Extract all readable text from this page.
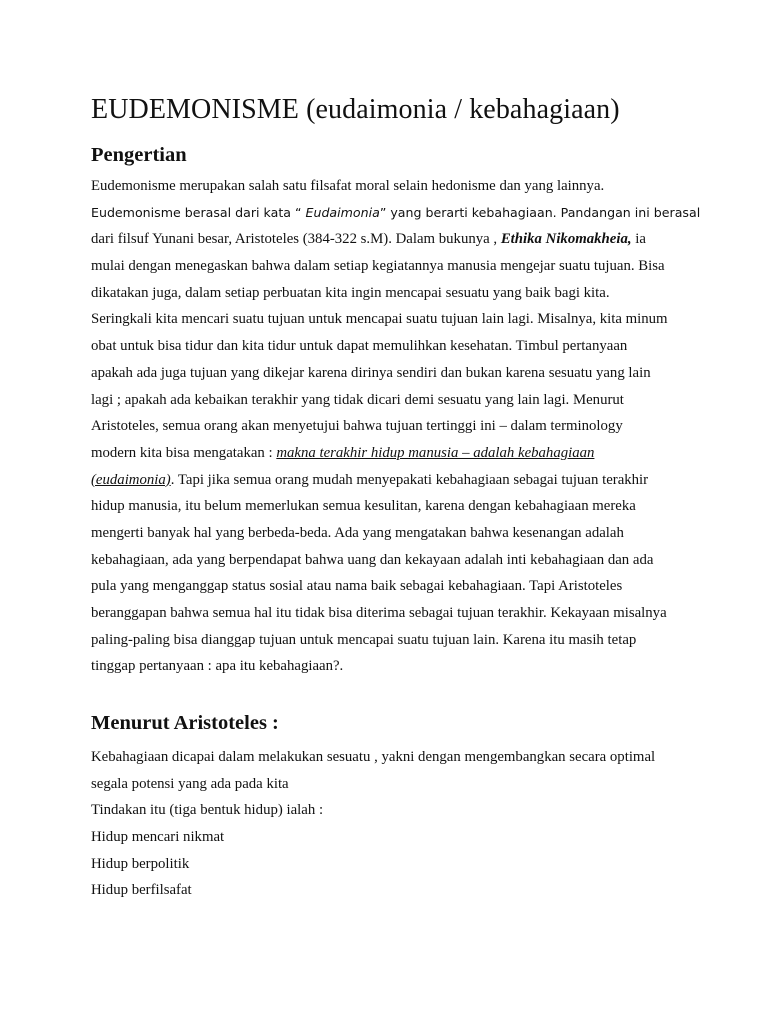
EUDEMONISME (eudaimonia / kebahagiaan)
Pengertian
Eudemonisme merupakan salah satu filsafat moral selain hedonisme dan yang lainnya.
Eudemonisme berasal dari kata “ Eudaimonia” yang berarti kebahagiaan. Pandangan ini berasal
dari filsuf Yunani besar, Aristoteles (384-322 s.M). Dalam bukunya , Ethika Nikomakheia, ia
mulai dengan menegaskan bahwa dalam setiap kegiatannya manusia mengejar suatu tujuan. Bisa
dikatakan juga, dalam setiap perbuatan kita ingin mencapai sesuatu yang baik bagi kita.
Seringkali kita mencari suatu tujuan untuk mencapai suatu tujuan lain lagi. Misalnya, kita minum
obat untuk bisa tidur dan kita tidur untuk dapat memulihkan kesehatan. Timbul pertanyaan
apakah ada juga tujuan yang dikejar karena dirinya sendiri dan bukan karena sesuatu yang lain
lagi ; apakah ada kebaikan terakhir yang tidak dicari demi sesuatu yang lain lagi. Menurut
Aristoteles, semua orang akan menyetujui bahwa tujuan tertinggi ini – dalam terminology
modern kita bisa mengatakan : makna terakhir hidup manusia – adalah kebahagiaan
(eudaimonia). Tapi jika semua orang mudah menyepakati kebahagiaan sebagai tujuan terakhir
hidup manusia, itu belum memerlukan semua kesulitan, karena dengan kebahagiaan mereka
mengerti banyak hal yang berbeda-beda. Ada yang mengatakan bahwa kesenangan adalah
kebahagiaan, ada yang berpendapat bahwa uang dan kekayaan adalah inti kebahagiaan dan ada
pula yang menganggap status sosial atau nama baik sebagai kebahagiaan. Tapi Aristoteles
beranggapan bahwa semua hal itu tidak bisa diterima sebagai tujuan terakhir. Kekayaan misalnya
paling-paling bisa dianggap tujuan untuk mencapai suatu tujuan lain. Karena itu masih tetap
tinggap pertanyaan : apa itu kebahagiaan?.
Menurut Aristoteles :
Kebahagiaan dicapai dalam melakukan sesuatu , yakni dengan mengembangkan secara optimal
segala potensi yang ada pada kita
Tindakan itu (tiga bentuk hidup) ialah :
Hidup mencari nikmat
Hidup berpolitik
Hidup berfilsafat
